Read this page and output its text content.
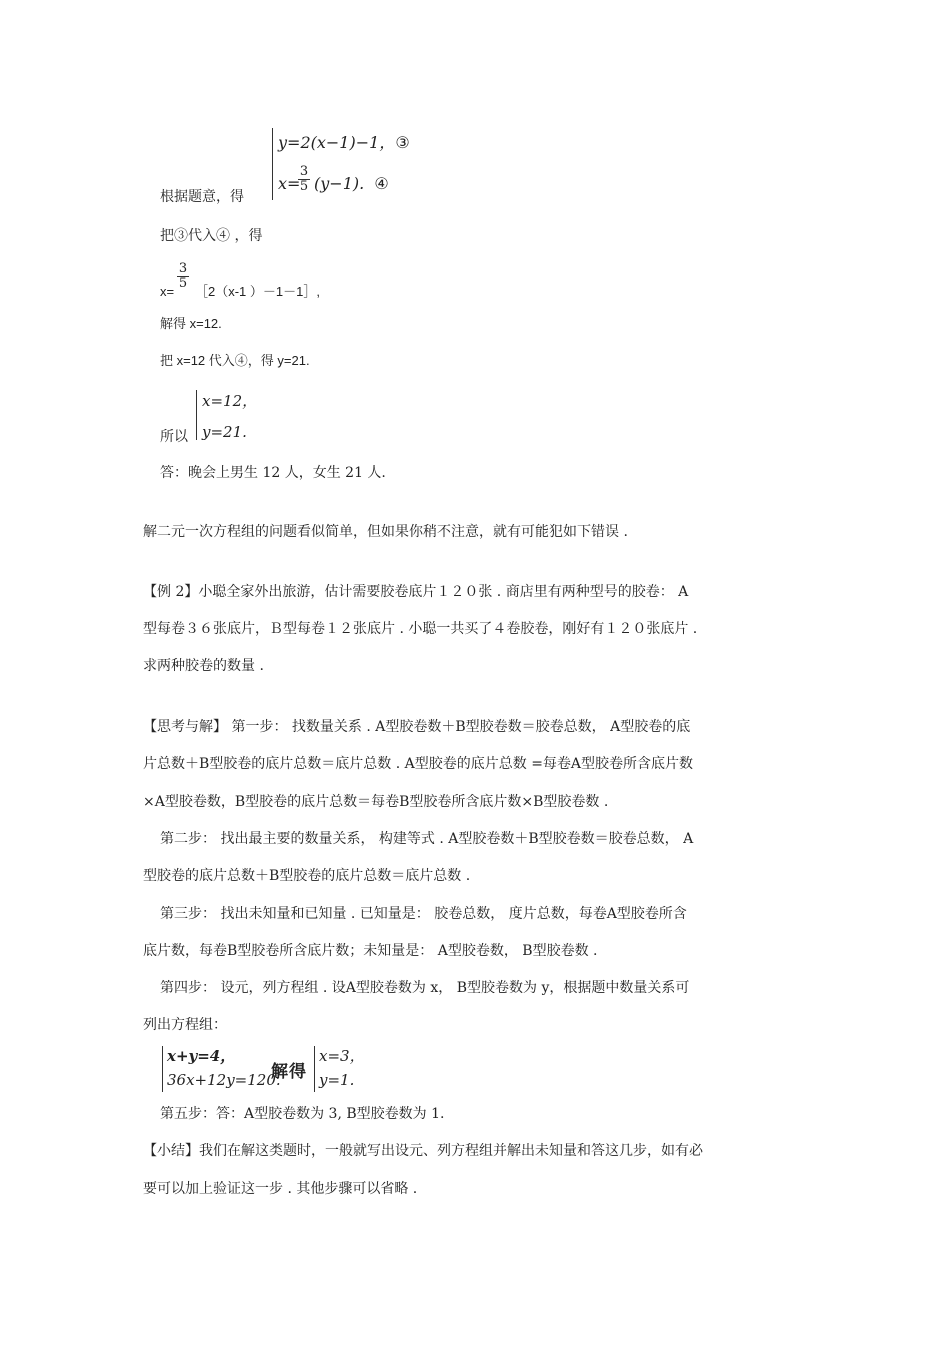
根据题意，得
y=2(x−1)−1，③
x=
$\frac{3}{5} (y-1)$. ④
把③代入④ ，得
x=
$\frac{3}{5}$
［2（x-1 ）－1－1］,
解得 x=12.
把 x=12 代入④，得 y=21.
所以
x=12，
y=21.
答：晚会上男生 12 人，女生 21 人.
解二元一次方程组的问题看似简单，但如果你稍不注意，就有可能犯如下错误 .
【例 2】小聪全家外出旅游，估计需要胶卷底片１２０张 . 商店里有两种型号的胶卷： A
型每卷３６张底片，Ｂ型每卷１２张底片 . 小聪一共买了４卷胶卷，刚好有１２０张底片 .
求两种胶卷的数量 .
【思考与解】 第一步： 找数量关系 . A型胶卷数＋B型胶卷数＝胶卷总数， A型胶卷的底
片总数＋B型胶卷的底片总数＝底片总数 . A型胶卷的底片总数 =每卷A型胶卷所含底片数
×A型胶卷数，B型胶卷的底片总数＝每卷B型胶卷所含底片数×B型胶卷数 .
第二步： 找出最主要的数量关系， 构建等式 . A型胶卷数＋B型胶卷数＝胶卷总数， A
型胶卷的底片总数＋B型胶卷的底片总数＝底片总数 .
第三步： 找出未知量和已知量 . 已知量是： 胶卷总数， 度片总数，每卷A型胶卷所含
底片数，每卷B型胶卷所含底片数；未知量是： A型胶卷数， B型胶卷数 .
第四步： 设元，列方程组 . 设A型胶卷数为 x， B型胶卷数为 y，根据题中数量关系可
列出方程组：
x+y=4，
36x+12y=120.
解得
x=3，
y=1.
第五步：答：A型胶卷数为 3, B型胶卷数为 1.
【小结】我们在解这类题时，一般就写出设元、列方程组并解出未知量和答这几步，如有必
要可以加上验证这一步 . 其他步骤可以省略 .
